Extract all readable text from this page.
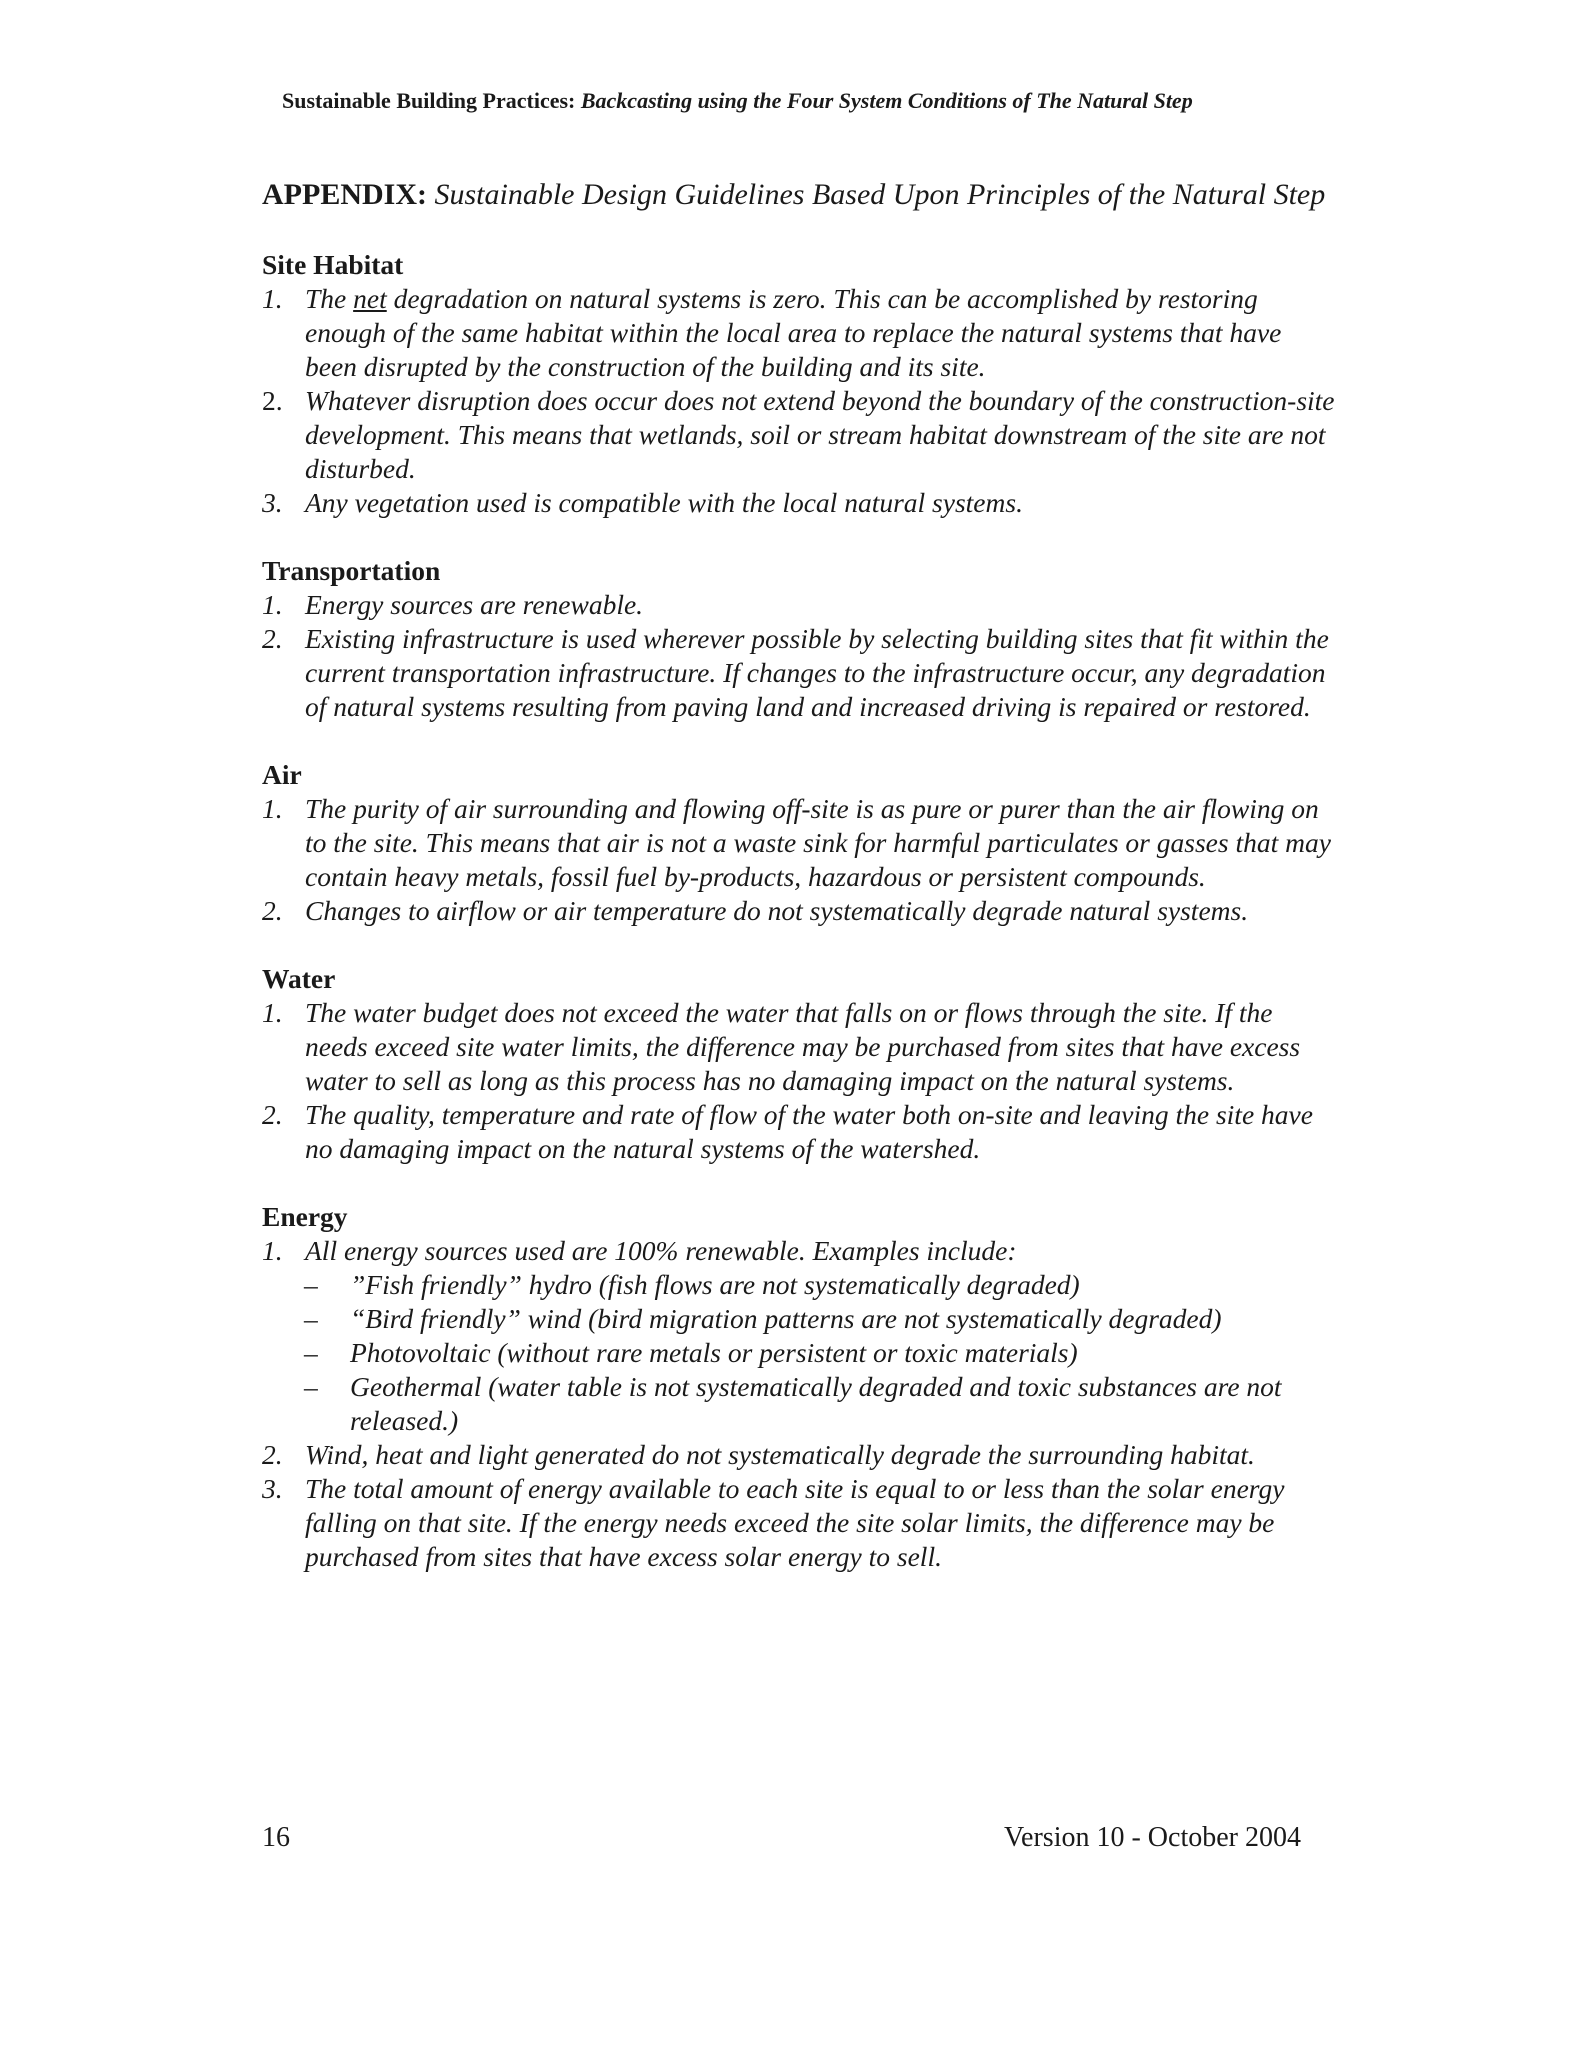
Sustainable Building Practices: Backcasting using the Four System Conditions of The Natural Step
APPENDIX: Sustainable Design Guidelines Based Upon Principles of the Natural Step
Site Habitat
1. The net degradation on natural systems is zero. This can be accomplished by restoring enough of the same habitat within the local area to replace the natural systems that have been disrupted by the construction of the building and its site.
2. Whatever disruption does occur does not extend beyond the boundary of the construction-site development. This means that wetlands, soil or stream habitat downstream of the site are not disturbed.
3. Any vegetation used is compatible with the local natural systems.
Transportation
1. Energy sources are renewable.
2. Existing infrastructure is used wherever possible by selecting building sites that fit within the current transportation infrastructure. If changes to the infrastructure occur, any degradation of natural systems resulting from paving land and increased driving is repaired or restored.
Air
1. The purity of air surrounding and flowing off-site is as pure or purer than the air flowing on to the site. This means that air is not a waste sink for harmful particulates or gasses that may contain heavy metals, fossil fuel by-products, hazardous or persistent compounds.
2. Changes to airflow or air temperature do not systematically degrade natural systems.
Water
1. The water budget does not exceed the water that falls on or flows through the site. If the needs exceed site water limits, the difference may be purchased from sites that have excess water to sell as long as this process has no damaging impact on the natural systems.
2. The quality, temperature and rate of flow of the water both on-site and leaving the site have no damaging impact on the natural systems of the watershed.
Energy
1. All energy sources used are 100% renewable. Examples include:
– ”Fish friendly” hydro (fish flows are not systematically degraded)
– “Bird friendly” wind (bird migration patterns are not systematically degraded)
– Photovoltaic (without rare metals or persistent or toxic materials)
– Geothermal (water table is not systematically degraded and toxic substances are not released.)
2. Wind, heat and light generated do not systematically degrade the surrounding habitat.
3. The total amount of energy available to each site is equal to or less than the solar energy falling on that site. If the energy needs exceed the site solar limits, the difference may be purchased from sites that have excess solar energy to sell.
16	Version 10 - October 2004
